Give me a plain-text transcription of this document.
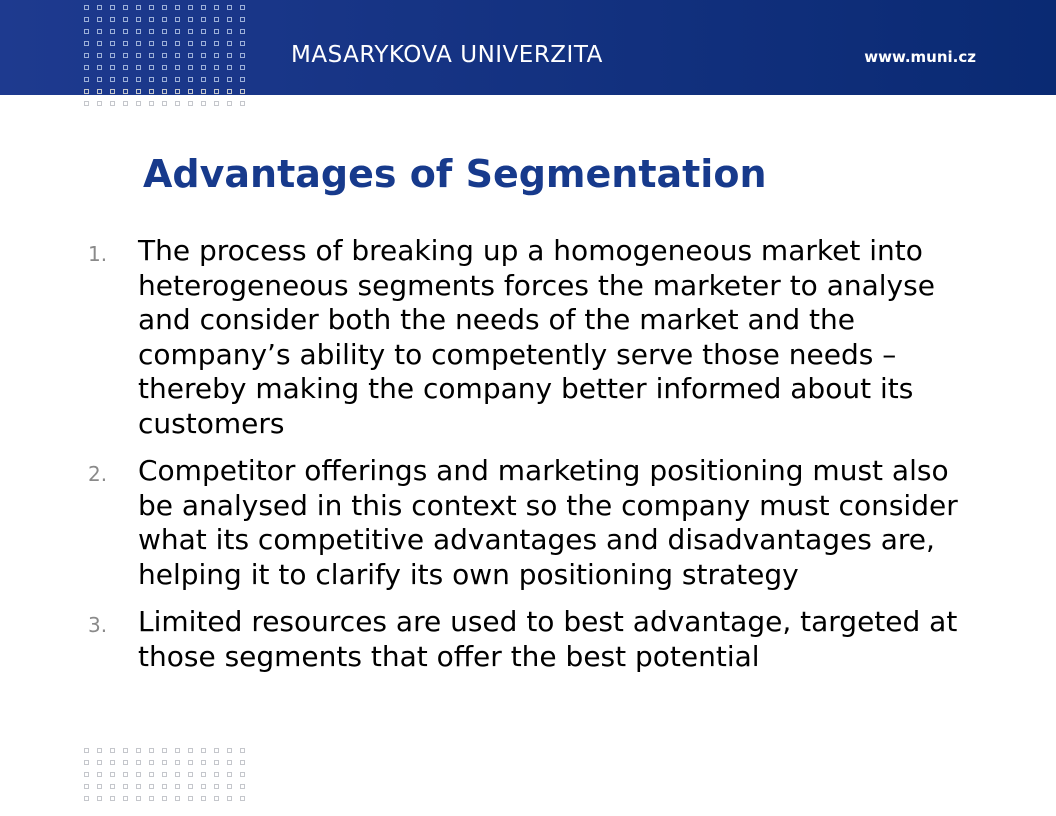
MASARYKOVA UNIVERZITA	www.muni.cz
Advantages of Segmentation
1.	The process of breaking up a homogeneous market into heterogeneous segments forces the marketer to analyse and consider both the needs of the market and the company’s ability to competently serve those needs – thereby making the company better informed about its customers
2.	Competitor offerings and marketing positioning must also be analysed in this context so the company must consider what its competitive advantages and disadvantages are, helping it to clarify its own positioning strategy
3.	Limited resources are used to best advantage, targeted at those segments that offer the best potential
